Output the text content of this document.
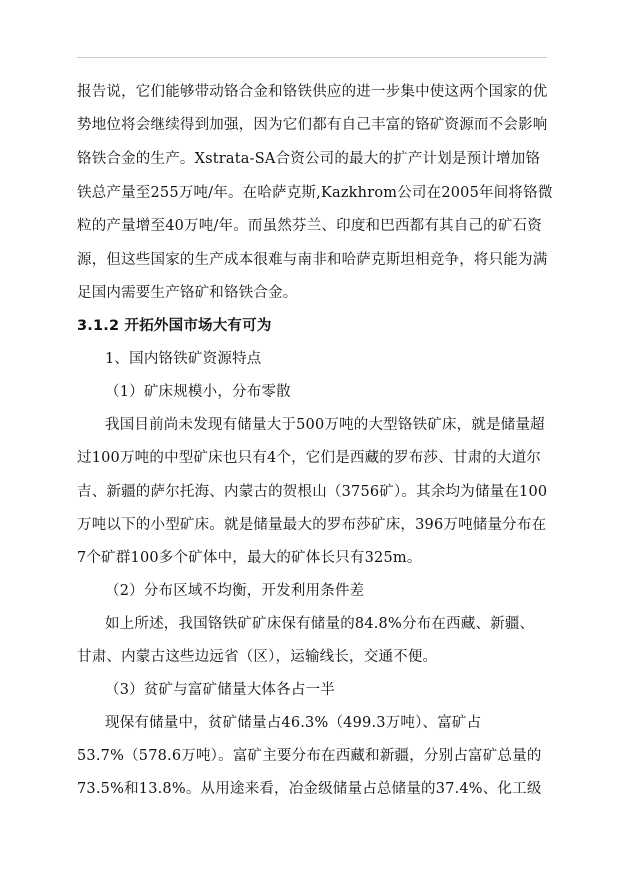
报告说，它们能够带动铬合金和铬铁供应的进一步集中使这两个国家的优
势地位将会继续得到加强，因为它们都有自己丰富的铬矿资源而不会影响
铬铁合金的生产。Xstrata-SA合资公司的最大的扩产计划是预计增加铬
铁总产量至255万吨/年。在哈萨克斯,Kazkhrom公司在2005年间将铬微
粒的产量增至40万吨/年。而虽然芬兰、印度和巴西都有其自己的矿石资
源，但这些国家的生产成本很难与南非和哈萨克斯坦相竞争，将只能为满
足国内需要生产铬矿和铬铁合金。
3.1.2 开拓外国市场大有可为
1、国内铬铁矿资源特点
（1）矿床规模小，分布零散
我国目前尚未发现有储量大于500万吨的大型铬铁矿床，就是储量超
过100万吨的中型矿床也只有4个，它们是西藏的罗布莎、甘肃的大道尔
吉、新疆的萨尔托海、内蒙古的贺根山（3756矿）。其余均为储量在100
万吨以下的小型矿床。就是储量最大的罗布莎矿床，396万吨储量分布在
7个矿群100多个矿体中，最大的矿体长只有325m。
（2）分布区域不均衡，开发利用条件差
如上所述，我国铬铁矿矿床保有储量的84.8%分布在西藏、新疆、
甘肃、内蒙古这些边远省（区），运输线长，交通不便。
（3）贫矿与富矿储量大体各占一半
现保有储量中，贫矿储量占46.3%（499.3万吨）、富矿占
53.7%（578.6万吨）。富矿主要分布在西藏和新疆，分别占富矿总量的
73.5%和13.8%。从用途来看，冶金级储量占总储量的37.4%、化工级
